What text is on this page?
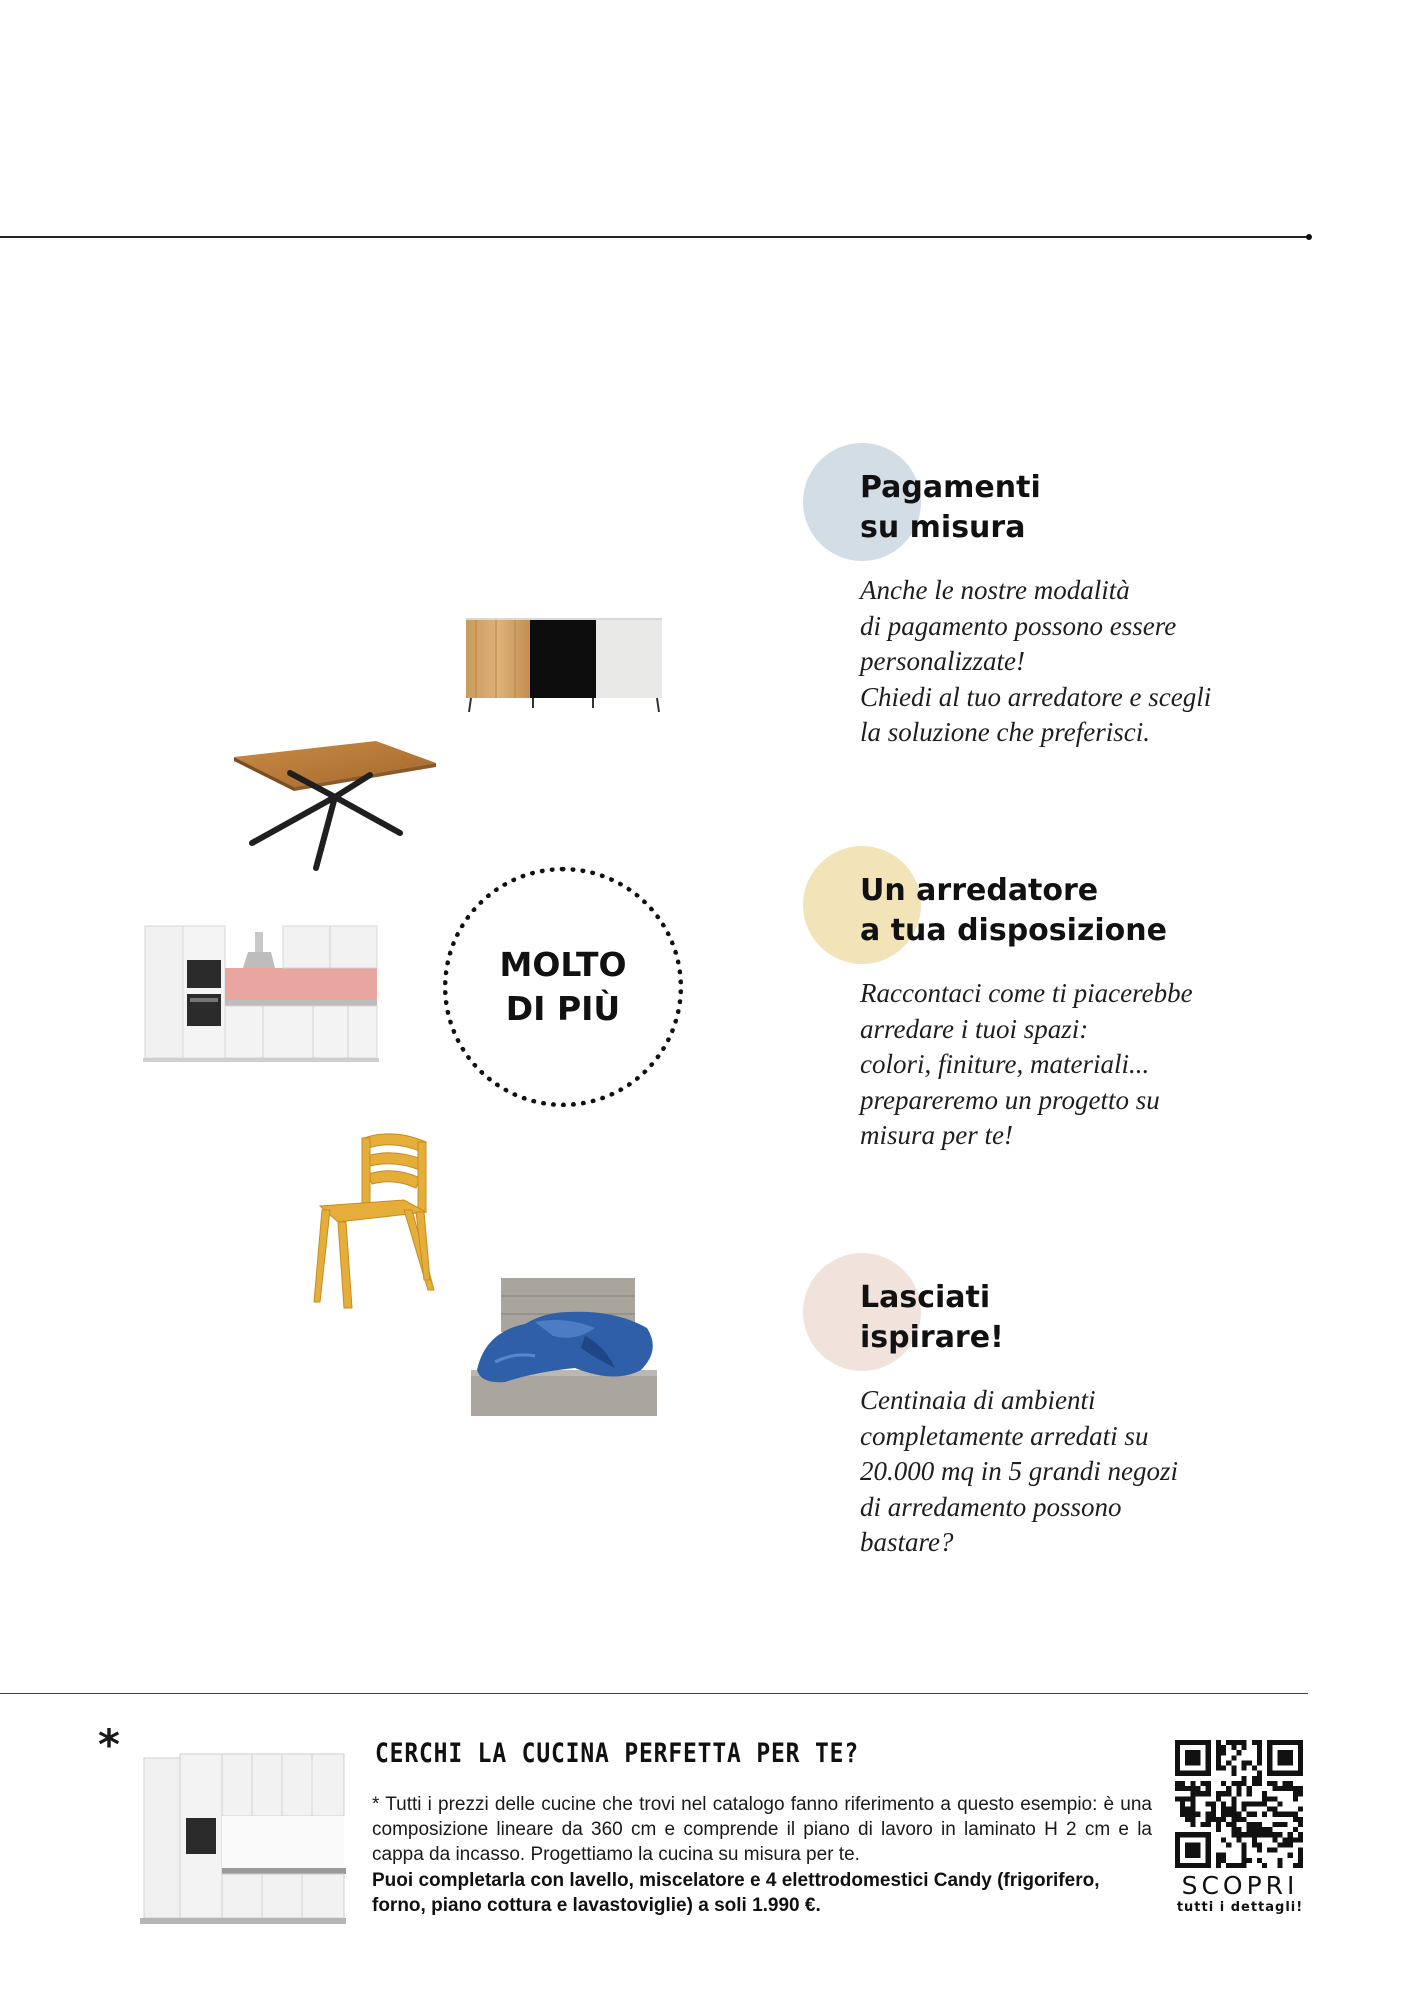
MOLTO
DI PIÙ
Pagamenti
su misura

Anche le nostre modalità
di pagamento possono essere
personalizzate!
Chiedi al tuo arredatore e scegli
la soluzione che preferisci.

Un arredatore
a tua disposizione

Raccontaci come ti piacerebbe
arredare i tuoi spazi:
colori, finiture, materiali...
prepareremo un progetto su
misura per te!

Lasciati
ispirare!

Centinaia di ambienti
completamente arredati su
20.000 mq in 5 grandi negozi
di arredamento possono
bastare?

*	CERCHI LA CUCINA PERFETTA PER TE?

* Tutti i prezzi delle cucine che trovi nel catalogo fanno riferimento a questo esempio: è una composizione lineare da 360 cm e comprende il piano di lavoro in laminato H 2 cm e la cappa da incasso. Progettiamo la cucina su misura per te.

Puoi completarla con lavello, miscelatore e 4 elettrodomestici Candy (frigorifero, forno, piano cottura e lavastoviglie) a soli 1.990 €.

SCOPRI
tutti i dettagli!
